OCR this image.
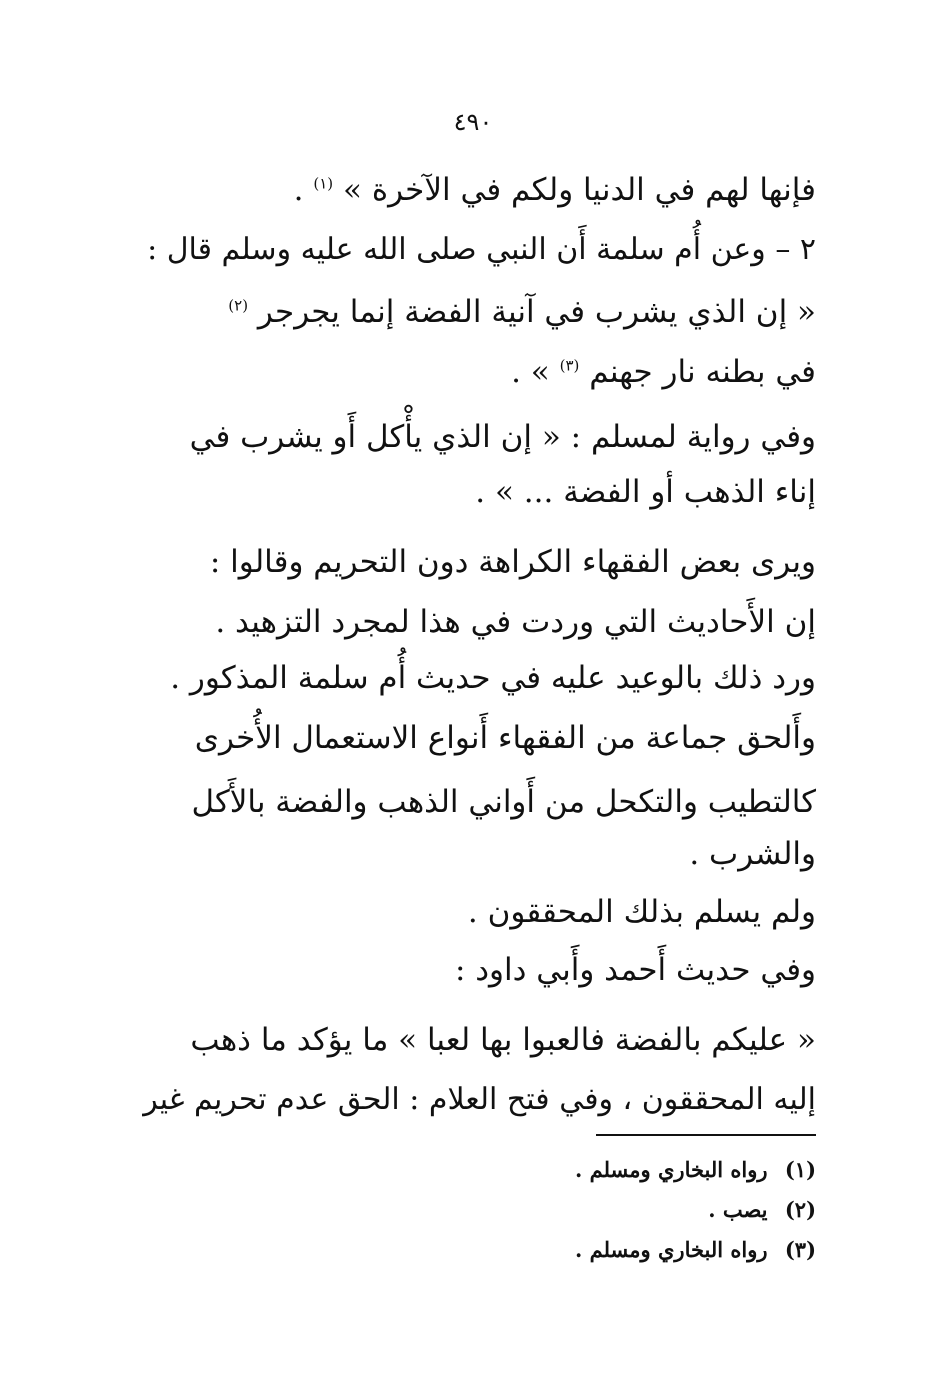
٤٩٠
فإنها لهم في الدنيا ولكم في الآخرة » $^{(١)}$ .
٢ – وعن أُم سلمة أَن النبي صلى الله عليه وسلم قال :
« إن الذي يشرب في آنية الفضة إنما يجرجر $^{(٢)}$
في بطنه نار جهنم $^{(٣)}$ » .
وفي رواية لمسلم : « إن الذي يأْكل أَو يشرب في
إناء الذهب أو الفضة ... » .
ويرى بعض الفقهاء الكراهة دون التحريم وقالوا :
إن الأَحاديث التي وردت في هذا لمجرد التزهيد .
ورد ذلك بالوعيد عليه في حديث أُم سلمة المذكور .
وأَلحق جماعة من الفقهاء أَنواع الاستعمال الأُخرى
كالتطيب والتكحل من أَواني الذهب والفضة بالأَكل
والشرب .
ولم يسلم بذلك المحققون .
وفي حديث أَحمد وأَبي داود :
« عليكم بالفضة فالعبوا بها لعبا » ما يؤكد ما ذهب
إليه المحققون ، وفي فتح العلام : الحق عدم تحريم غير
(١) رواه البخاري ومسلم .
(٢) يصب .
(٣) رواه البخاري ومسلم .
